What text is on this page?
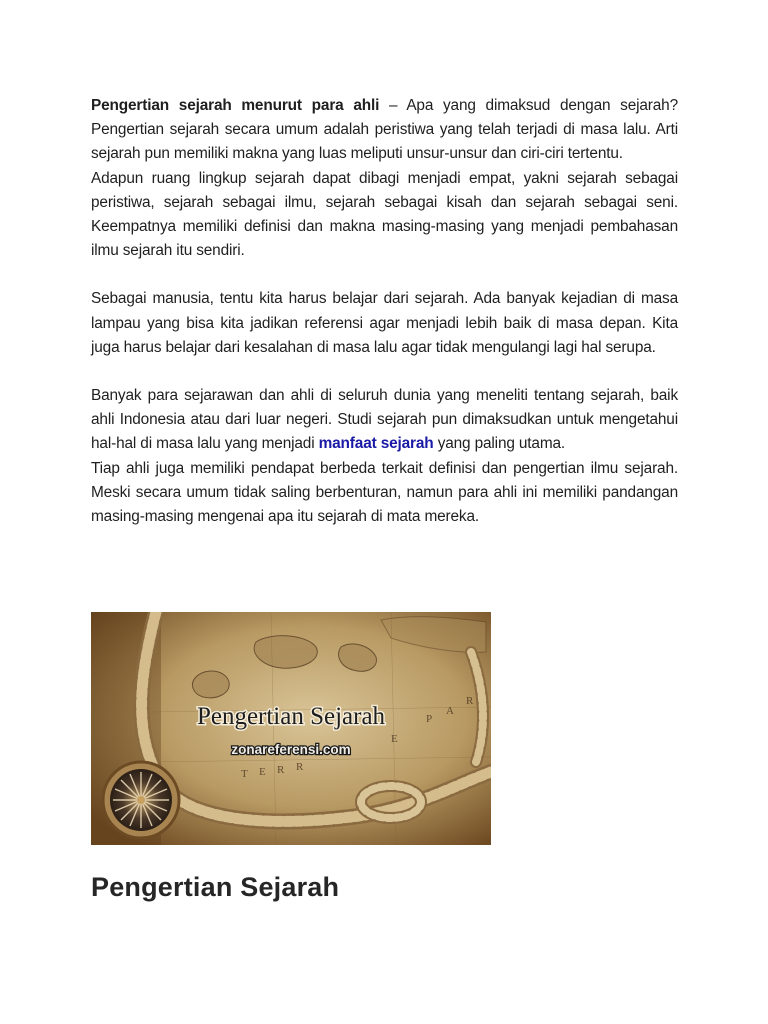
Pengertian sejarah menurut para ahli – Apa yang dimaksud dengan sejarah? Pengertian sejarah secara umum adalah peristiwa yang telah terjadi di masa lalu. Arti sejarah pun memiliki makna yang luas meliputi unsur-unsur dan ciri-ciri tertentu.

Adapun ruang lingkup sejarah dapat dibagi menjadi empat, yakni sejarah sebagai peristiwa, sejarah sebagai ilmu, sejarah sebagai kisah dan sejarah sebagai seni. Keempatnya memiliki definisi dan makna masing-masing yang menjadi pembahasan ilmu sejarah itu sendiri.

Sebagai manusia, tentu kita harus belajar dari sejarah. Ada banyak kejadian di masa lampau yang bisa kita jadikan referensi agar menjadi lebih baik di masa depan. Kita juga harus belajar dari kesalahan di masa lalu agar tidak mengulangi lagi hal serupa.

Banyak para sejarawan dan ahli di seluruh dunia yang meneliti tentang sejarah, baik ahli Indonesia atau dari luar negeri. Studi sejarah pun dimaksudkan untuk mengetahui hal-hal di masa lalu yang menjadi manfaat sejarah yang paling utama.

Tiap ahli juga memiliki pendapat berbeda terkait definisi dan pengertian ilmu sejarah. Meski secara umum tidak saling berbenturan, namun para ahli ini memiliki pandangan masing-masing mengenai apa itu sejarah di mata mereka.

T E R R
E
P
A
R
Pengertian Sejarah
zonareferensi.com
Pengertian Sejarah
